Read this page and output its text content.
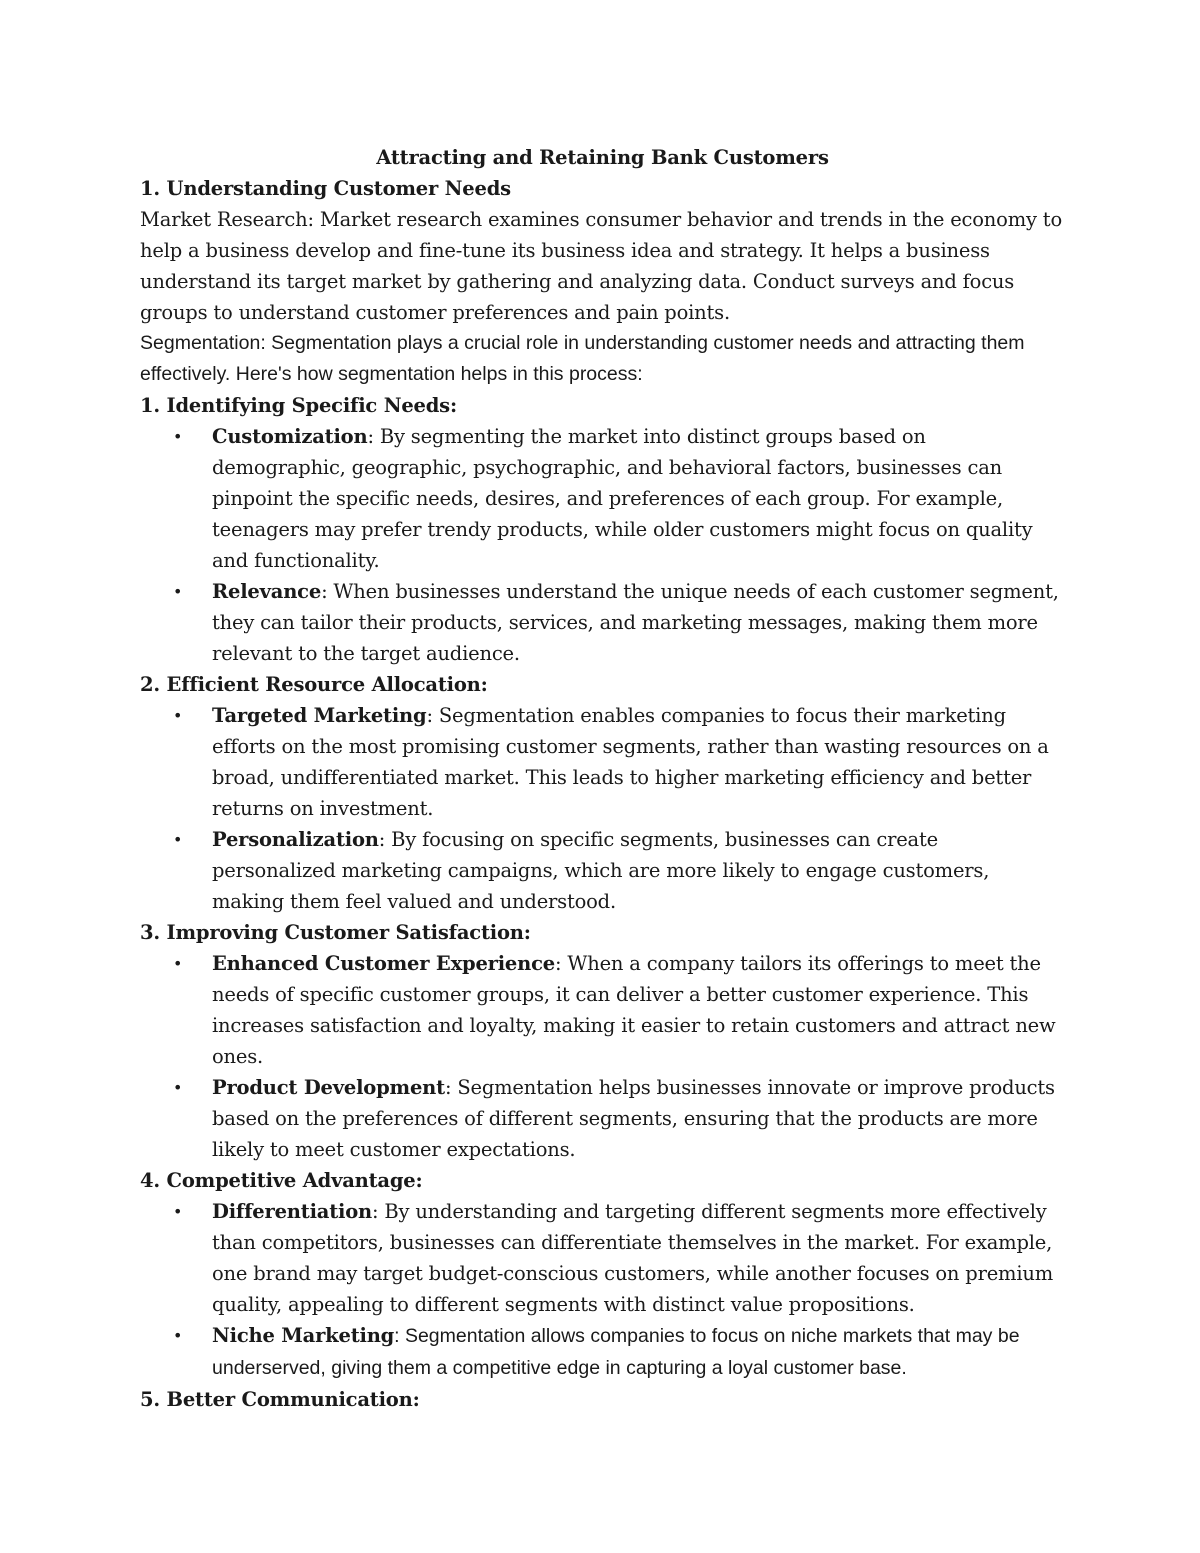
Attracting and Retaining Bank Customers

1. Understanding Customer Needs

Market Research: Market research examines consumer behavior and trends in the economy to help a business develop and fine-tune its business idea and strategy. It helps a business understand its target market by gathering and analyzing data. Conduct surveys and focus groups to understand customer preferences and pain points.

Segmentation: Segmentation plays a crucial role in understanding customer needs and attracting them effectively. Here's how segmentation helps in this process:

1. Identifying Specific Needs:

• Customization: By segmenting the market into distinct groups based on demographic, geographic, psychographic, and behavioral factors, businesses can pinpoint the specific needs, desires, and preferences of each group. For example, teenagers may prefer trendy products, while older customers might focus on quality and functionality.
• Relevance: When businesses understand the unique needs of each customer segment, they can tailor their products, services, and marketing messages, making them more relevant to the target audience.

2. Efficient Resource Allocation:

• Targeted Marketing: Segmentation enables companies to focus their marketing efforts on the most promising customer segments, rather than wasting resources on a broad, undifferentiated market. This leads to higher marketing efficiency and better returns on investment.
• Personalization: By focusing on specific segments, businesses can create personalized marketing campaigns, which are more likely to engage customers, making them feel valued and understood.

3. Improving Customer Satisfaction:

• Enhanced Customer Experience: When a company tailors its offerings to meet the needs of specific customer groups, it can deliver a better customer experience. This increases satisfaction and loyalty, making it easier to retain customers and attract new ones.
• Product Development: Segmentation helps businesses innovate or improve products based on the preferences of different segments, ensuring that the products are more likely to meet customer expectations.

4. Competitive Advantage:

• Differentiation: By understanding and targeting different segments more effectively than competitors, businesses can differentiate themselves in the market. For example, one brand may target budget-conscious customers, while another focuses on premium quality, appealing to different segments with distinct value propositions.
• Niche Marketing: Segmentation allows companies to focus on niche markets that may be underserved, giving them a competitive edge in capturing a loyal customer base.

5. Better Communication:
